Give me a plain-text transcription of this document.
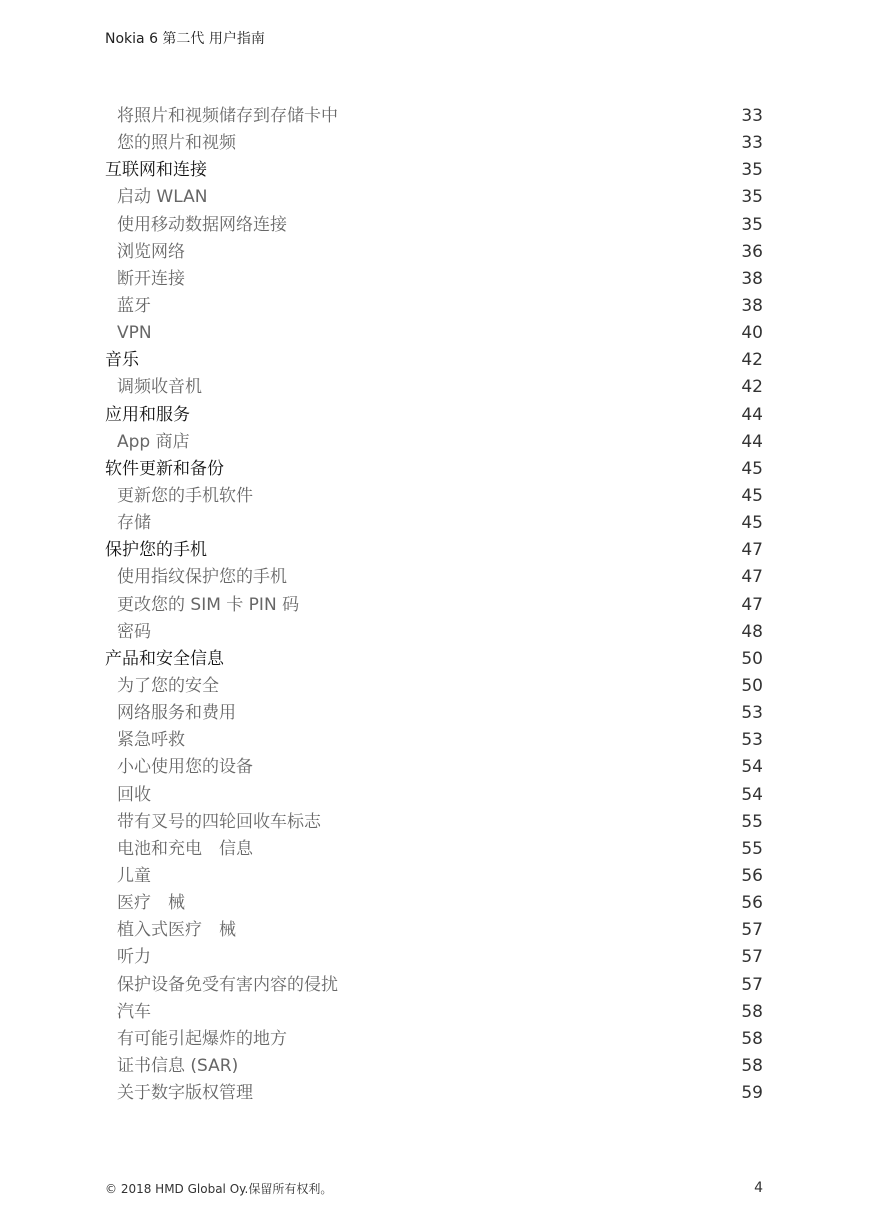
Nokia 6 第二代 用户指南
将照片和视频储存到存储卡中	33
您的照片和视频	33
互联网和连接	35
启动 WLAN	35
使用移动数据网络连接	35
浏览网络	36
断开连接	38
蓝牙	38
VPN	40
音乐	42
调频收音机	42
应用和服务	44
App 商店	44
软件更新和备份	45
更新您的手机软件	45
存储	45
保护您的手机	47
使用指纹保护您的手机	47
更改您的 SIM 卡 PIN 码	47
密码	48
产品和安全信息	50
为了您的安全	50
网络服务和费用	53
紧急呼救	53
小心使用您的设备	54
回收	54
带有叉号的四轮回收车标志	55
电池和充电　信息	55
儿童	56
医疗　械	56
植入式医疗　械	57
听力	57
保护设备免受有害内容的侵扰	57
汽车	58
有可能引起爆炸的地方	58
证书信息 (SAR)	58
关于数字版权管理	59
© 2018 HMD Global Oy.保留所有权利。	4
